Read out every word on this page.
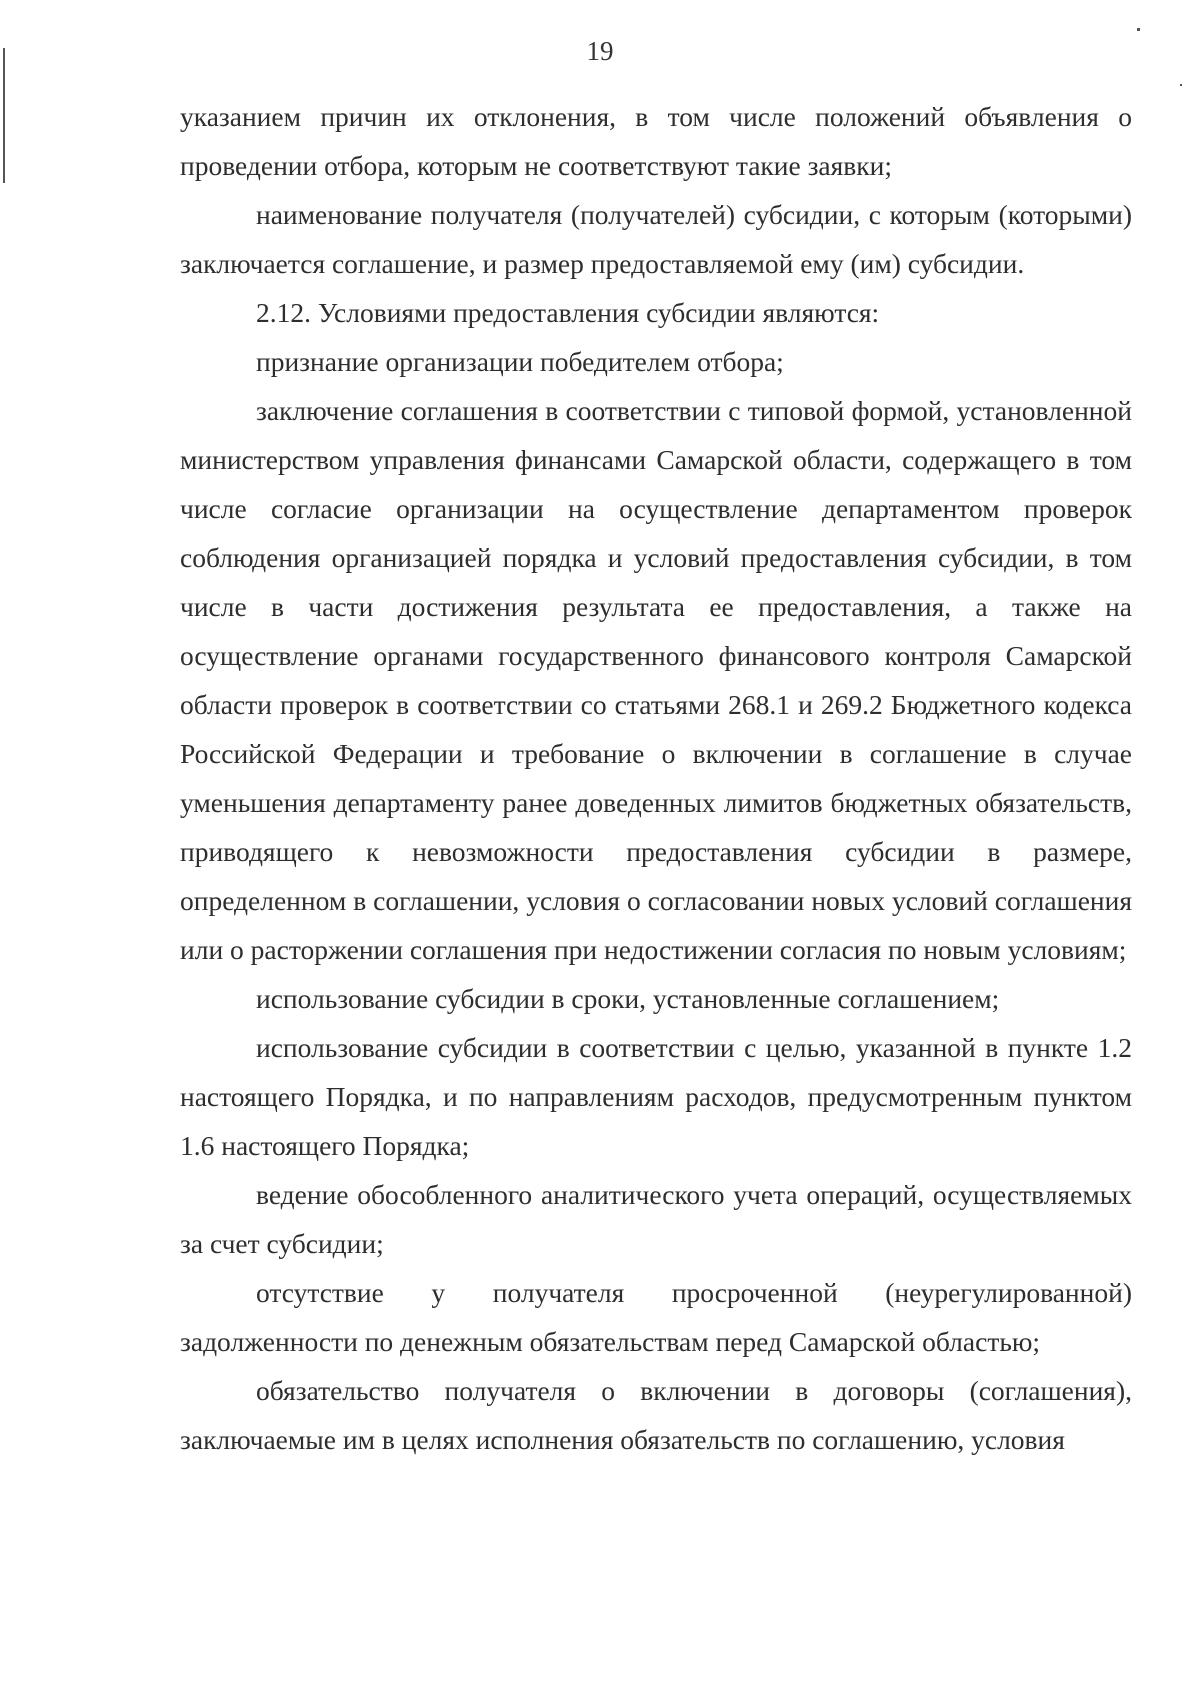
19

указанием причин их отклонения, в том числе положений объявления о проведении отбора, которым не соответствуют такие заявки;

наименование получателя (получателей) субсидии, с которым (которыми) заключается соглашение, и размер предоставляемой ему (им) субсидии.

2.12. Условиями предоставления субсидии являются:

признание организации победителем отбора;

заключение соглашения в соответствии с типовой формой, установленной министерством управления финансами Самарской области, содержащего в том числе согласие организации на осуществление департаментом проверок соблюдения организацией порядка и условий предоставления субсидии, в том числе в части достижения результата ее предоставления, а также на осуществление органами государственного финансового контроля Самарской области проверок в соответствии со статьями 268.1 и 269.2 Бюджетного кодекса Российской Федерации и требование о включении в соглашение в случае уменьшения департаменту ранее доведенных лимитов бюджетных обязательств, приводящего к невозможности предоставления субсидии в размере, определенном в соглашении, условия о согласовании новых условий соглашения или о расторжении соглашения при недостижении согласия по новым условиям;

использование субсидии в сроки, установленные соглашением;

использование субсидии в соответствии с целью, указанной в пункте 1.2 настоящего Порядка, и по направлениям расходов, предусмотренным пунктом 1.6 настоящего Порядка;

ведение обособленного аналитического учета операций, осуществляемых за счет субсидии;

отсутствие у получателя просроченной (неурегулированной) задолженности по денежным обязательствам перед Самарской областью;

обязательство получателя о включении в договоры (соглашения), заключаемые им в целях исполнения обязательств по соглашению, условия
